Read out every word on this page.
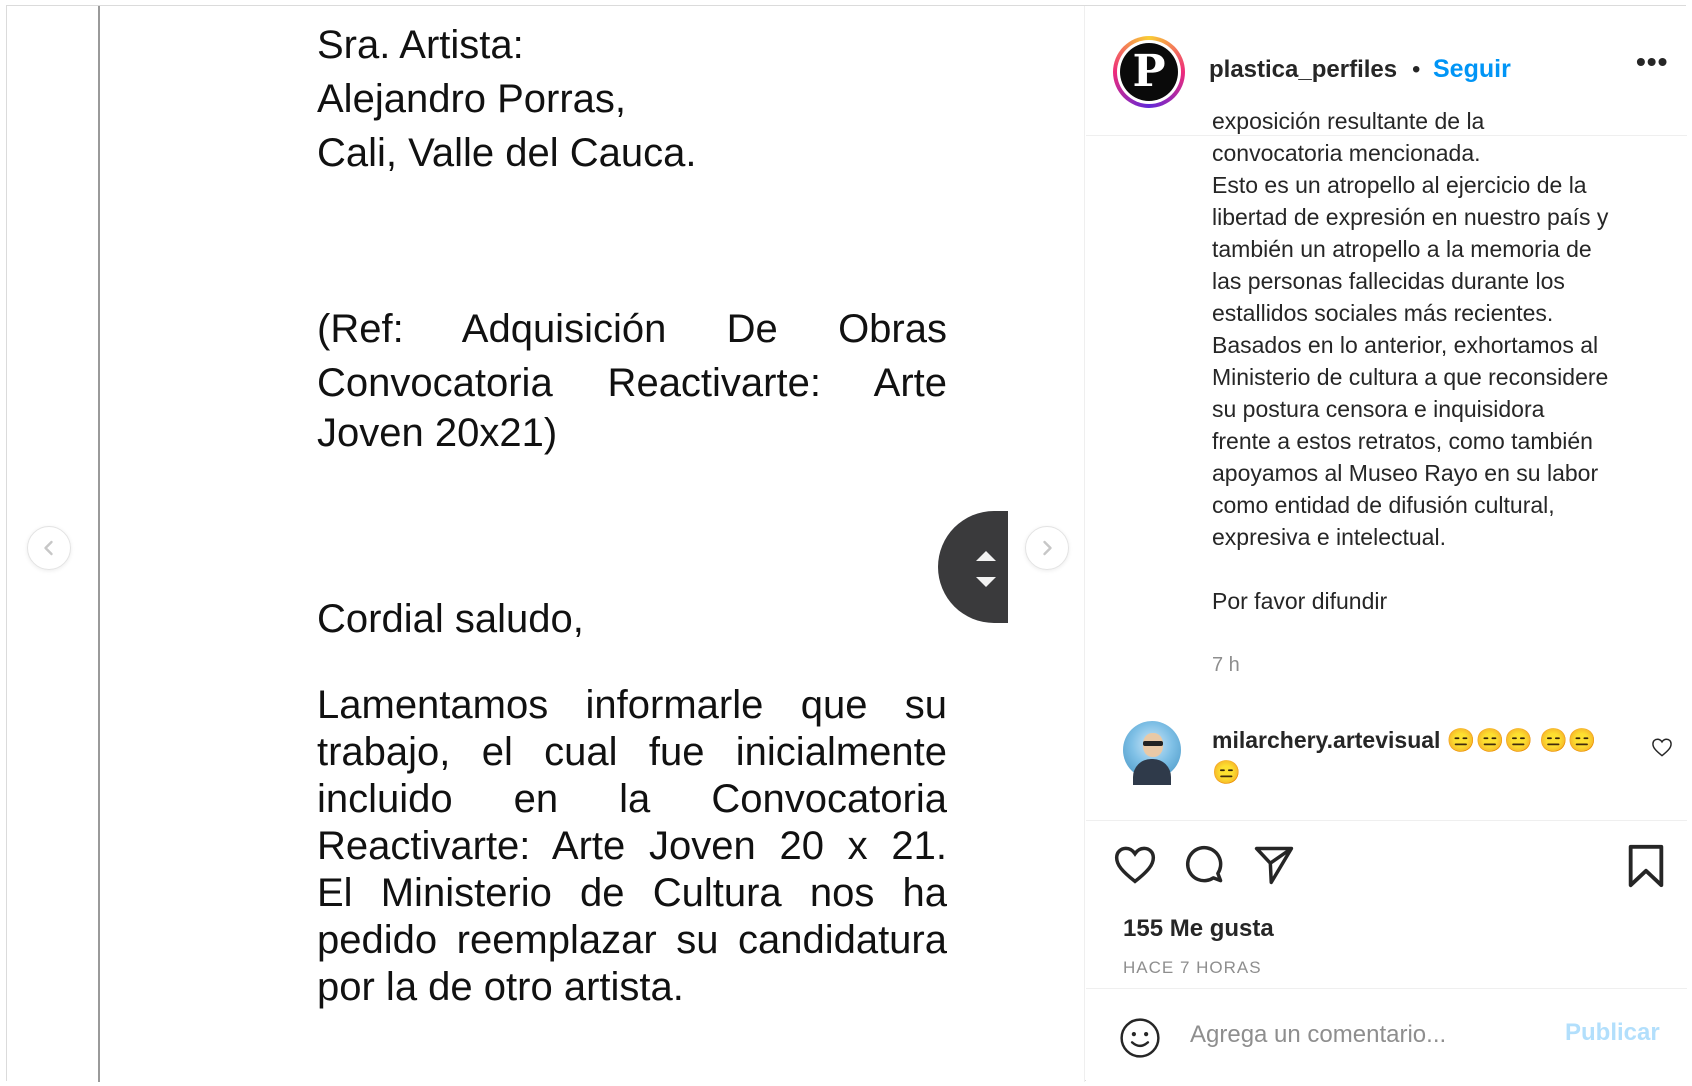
Sra. Artista:
Alejandro Porras,
Cali, Valle del Cauca.
(Ref: Adquisición De Obras
Convocatoria Reactivarte: Arte
Joven 20x21)
Cordial saludo,
Lamentamos informarle que su
trabajo, el cual fue inicialmente
incluido en la Convocatoria
Reactivarte: Arte Joven 20 x 21.
El Ministerio de Cultura nos ha
pedido reemplazar su candidatura
por la de otro artista.
P	plastica_perfiles • Seguir	•••
exposición resultante de la
convocatoria mencionada.
Esto es un atropello al ejercicio de la
libertad de expresión en nuestro país y
también un atropello a la memoria de
las personas fallecidas durante los
estallidos sociales más recientes.
Basados en lo anterior, exhortamos al
Ministerio de cultura a que reconsidere
su postura censora e inquisidora
frente a estos retratos, como también
apoyamos al Museo Rayo en su labor
como entidad de difusión cultural,
expresiva e intelectual.
Por favor difundir
7 h
milarchery.artevisual 😑😑😑 😑😑 😑
155 Me gusta
HACE 7 HORAS
Agrega un comentario...
Publicar
